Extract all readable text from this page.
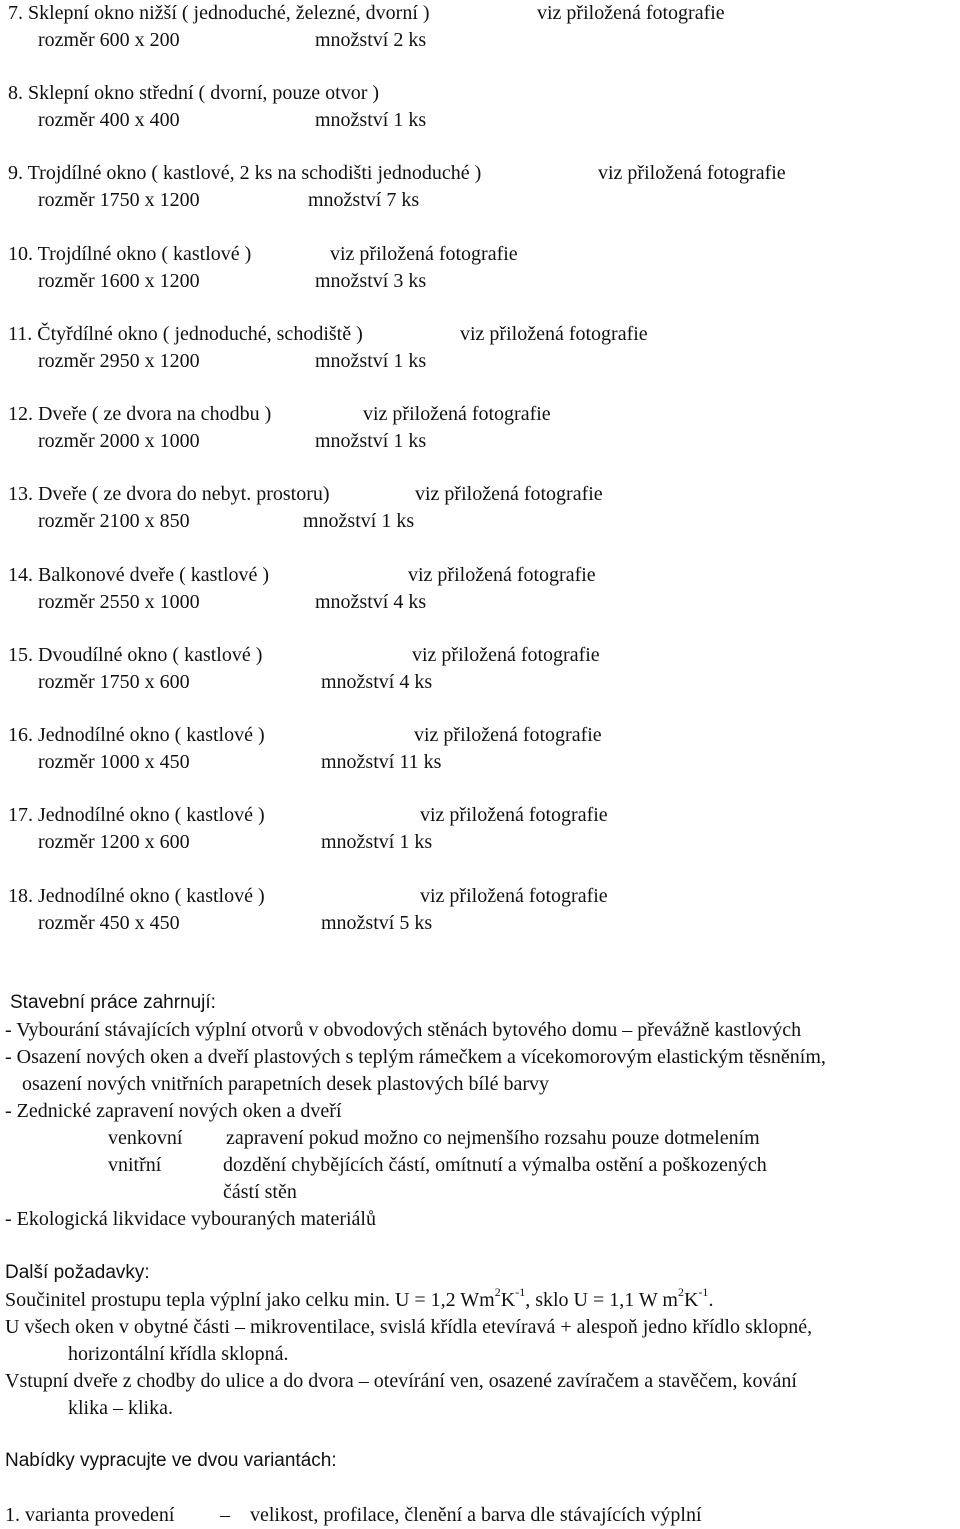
7. Sklepní okno nižší ( jednoduché, železné, dvorní )	viz přiložená fotografie
rozměr 600 x 200	množství 2 ks
8. Sklepní okno střední ( dvorní, pouze otvor )
rozměr 400 x 400	množství 1 ks
9. Trojdílné okno ( kastlové, 2 ks na schodišti jednoduché )	viz přiložená fotografie
rozměr 1750 x 1200	množství 7 ks
10. Trojdílné okno ( kastlové )	viz přiložená fotografie
rozměr 1600 x 1200	množství 3 ks
11. Čtyřdílné okno ( jednoduché, schodiště )	viz přiložená fotografie
rozměr 2950 x 1200	množství 1 ks
12. Dveře ( ze dvora na chodbu )	viz přiložená fotografie
rozměr 2000 x 1000	množství 1 ks
13. Dveře ( ze dvora do nebyt. prostoru)	viz přiložená fotografie
rozměr 2100 x 850	množství 1 ks
14. Balkonové dveře ( kastlové )	viz přiložená fotografie
rozměr 2550 x 1000	množství 4 ks
15. Dvoudílné okno ( kastlové )	viz přiložená fotografie
rozměr 1750 x 600	množství 4 ks
16. Jednodílné okno ( kastlové )	viz přiložená fotografie
rozměr 1000 x 450	množství 11 ks
17. Jednodílné okno ( kastlové )	viz přiložená fotografie
rozměr 1200 x 600	množství 1 ks
18. Jednodílné okno ( kastlové )	viz přiložená fotografie
rozměr 450 x 450	množství 5 ks
Stavební práce zahrnují:
- Vybourání stávajících výplní otvorů v obvodových stěnách bytového domu – převážně kastlových
- Osazení nových oken a dveří plastových s teplým rámečkem a vícekomorovým elastickým těsněním,
osazení nových vnitřních parapetních desek plastových bílé barvy
- Zednické zapravení nových oken a dveří
venkovní zapravení pokud možno co nejmenšího rozsahu pouze dotmelením
vnitřní	dozdění chybějících částí, omítnutí a výmalba ostění a poškozených
částí stěn
- Ekologická likvidace vybouraných materiálů
Další požadavky:
Součinitel prostupu tepla výplní jako celku min. U = 1,2 $Wm^2K^{-1}$, sklo U = 1,1 W $m^2K^{-1}$.
U všech oken v obytné části – mikroventilace, svislá křídla etevíravá + alespoň jedno křídlo sklopné,
horizontální křídla sklopná.
Vstupní dveře z chodby do ulice a do dvora – otevírání ven, osazené zavíračem a stavěčem, kování
klika – klika.
Nabídky vypracujte ve dvou variantách:
1. varianta provedení – velikost, profilace, členění a barva dle stávajících výplní
